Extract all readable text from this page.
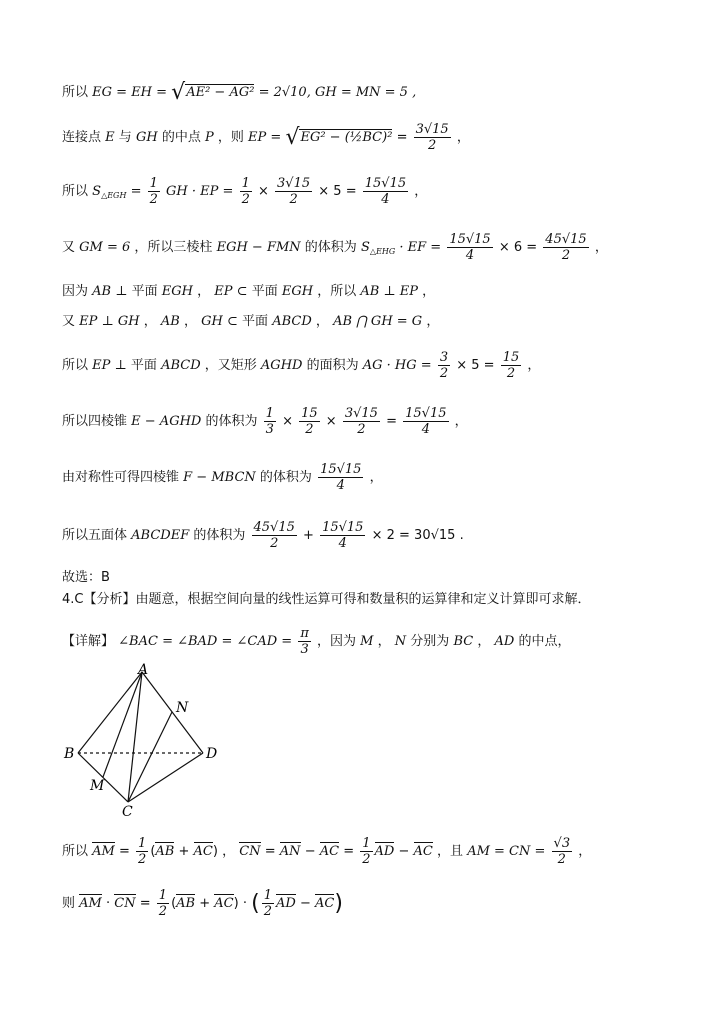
所以 EG = EH = √AE² − AG² = 2√10, GH = MN = 5 ,
连接点 E 与 GH 的中点 P ，则 EP = √EG² − (½BC)² = $\frac{3√15}{2}$ ，
所以 $S_{\triangle EGH} = \frac{1}{2}$ GH · EP = $\frac{1}{2} \times \frac{3√15}{2} \times 5 = \frac{15√15}{4}$ ，
又 GM = 6 ，所以三棱柱 EGH − FMN 的体积为 $S_{\triangle EHG}$ · EF = $\frac{15√15}{4} \times 6 = \frac{45√15}{2}$ ，
因为 AB ⊥ 平面 EGH ， EP ⊂ 平面 EGH ，所以 AB ⊥ EP ，
又 EP ⊥ GH ， AB ， GH ⊂ 平面 ABCD ， AB ⋂ GH = G ，
所以 EP ⊥ 平面 ABCD ，又矩形 AGHD 的面积为 AG · HG = $\frac{3}{2} \times 5 = \frac{15}{2}$ ，
所以四棱锥 E − AGHD 的体积为 $\frac{1}{3} \times \frac{15}{2} \times \frac{3√15}{2} = \frac{15√15}{4}$ ，
由对称性可得四棱锥 F − MBCN 的体积为 $\frac{15√15}{4}$ ，
所以五面体 ABCDEF 的体积为 $\frac{45√15}{2} + \frac{15√15}{4} \times 2 = 30√15$ .
故选：B
4.C【分析】由题意，根据空间向量的线性运算可得和数量积的运算律和定义计算即可求解．
【详解】 ∠BAC = ∠BAD = ∠CAD = $\frac{\pi}{3}$ ，因为 M ， N 分别为 BC ， AD 的中点，
A
B
C
D
M
N
所以 AM = $\frac{1}{2} (AB + AC)$ ， CN = AN − AC = $\frac{1}{2}$ AD − AC ，且 AM = CN = $\frac{√3}{2}$ ，
则 AM · CN = $\frac{1}{2} (AB + AC)$ · ( $\frac{1}{2}$ AD − AC)
